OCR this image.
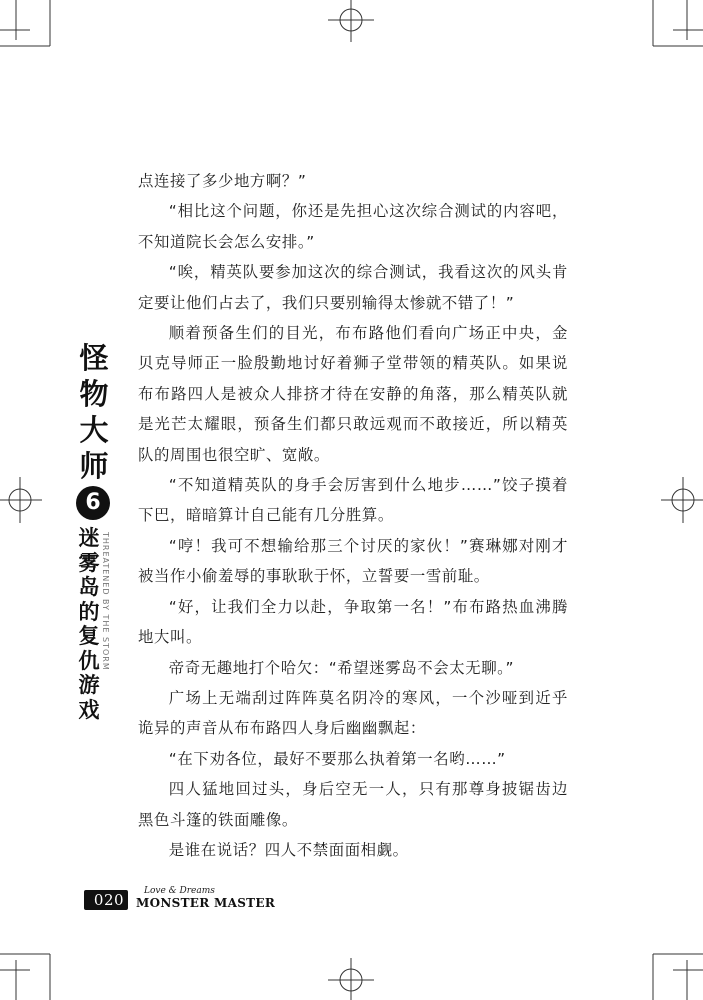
怪物大师
6
迷雾岛的复仇游戏
THREATENED BY THE STORM

点连接了多少地方啊？”

“相比这个问题，你还是先担心这次综合测试的内容吧，不知道院长会怎么安排。”

“唉，精英队要参加这次的综合测试，我看这次的风头肯定要让他们占去了，我们只要别输得太惨就不错了！”

顺着预备生们的目光，布布路他们看向广场正中央，金贝克导师正一脸殷勤地讨好着狮子堂带领的精英队。如果说布布路四人是被众人排挤才待在安静的角落，那么精英队就是光芒太耀眼，预备生们都只敢远观而不敢接近，所以精英队的周围也很空旷、宽敞。

“不知道精英队的身手会厉害到什么地步……”饺子摸着下巴，暗暗算计自己能有几分胜算。

“哼！我可不想输给那三个讨厌的家伙！”赛琳娜对刚才被当作小偷羞辱的事耿耿于怀，立誓要一雪前耻。

“好，让我们全力以赴，争取第一名！”布布路热血沸腾地大叫。

帝奇无趣地打个哈欠：“希望迷雾岛不会太无聊。”

广场上无端刮过阵阵莫名阴冷的寒风，一个沙哑到近乎诡异的声音从布布路四人身后幽幽飘起：

“在下劝各位，最好不要那么执着第一名哟……”

四人猛地回过头，身后空无一人，只有那尊身披锯齿边黑色斗篷的铁面雕像。

是谁在说话？四人不禁面面相觑。

020	Love & Dreams
MONSTER MASTER
